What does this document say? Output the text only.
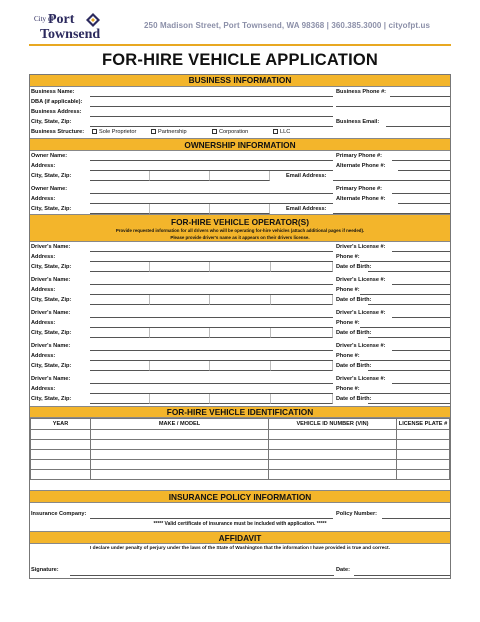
City of
Port
Townsend
250 Madison Street, Port Townsend, WA 98368 | 360.385.3000 | cityofpt.us
FOR-HIRE VEHICLE APPLICATION
BUSINESS INFORMATION
Business Name:	Business Phone #:
DBA (if applicable):
Business Address:
City, State, Zip:	Business Email:
Business Structure:	Sole Proprietor	Partnership	Corporation	LLC
OWNERSHIP INFORMATION
Owner Name:	Primary Phone #:
Address:	Alternate Phone #:
City, State, Zip:	Email Address:
Owner Name:	Primary Phone #:
Address:	Alternate Phone #:
City, State, Zip:	Email Address:
FOR-HIRE VEHICLE OPERATOR(S)
Provide requested information for all drivers who will be operating for-hire vehicles (attach additional pages if needed).
Please provide driver's name as it appears on their drivers license.
Driver's Name:	Driver's License #:
Address:	Phone #:
City, State, Zip:	Date of Birth:
Driver's Name:	Driver's License #:
Address:	Phone #:
City, State, Zip:	Date of Birth:
Driver's Name:	Driver's License #:
Address:	Phone #:
City, State, Zip:	Date of Birth:
Driver's Name:	Driver's License #:
Address:	Phone #:
City, State, Zip:	Date of Birth:
Driver's Name:	Driver's License #:
Address:	Phone #:
City, State, Zip:	Date of Birth:
FOR-HIRE VEHICLE IDENTIFICATION
YEAR	MAKE / MODEL	VEHICLE ID NUMBER (VIN)	LICENSE PLATE #

INSURANCE POLICY INFORMATION
Insurance Company:	Policy Number:
***** Valid certificate of insurance must be included with application. *****
AFFIDAVIT
I declare under penalty of perjury under the laws of the State of Washington that the information I have provided is true and correct.
Signature:	Date:
